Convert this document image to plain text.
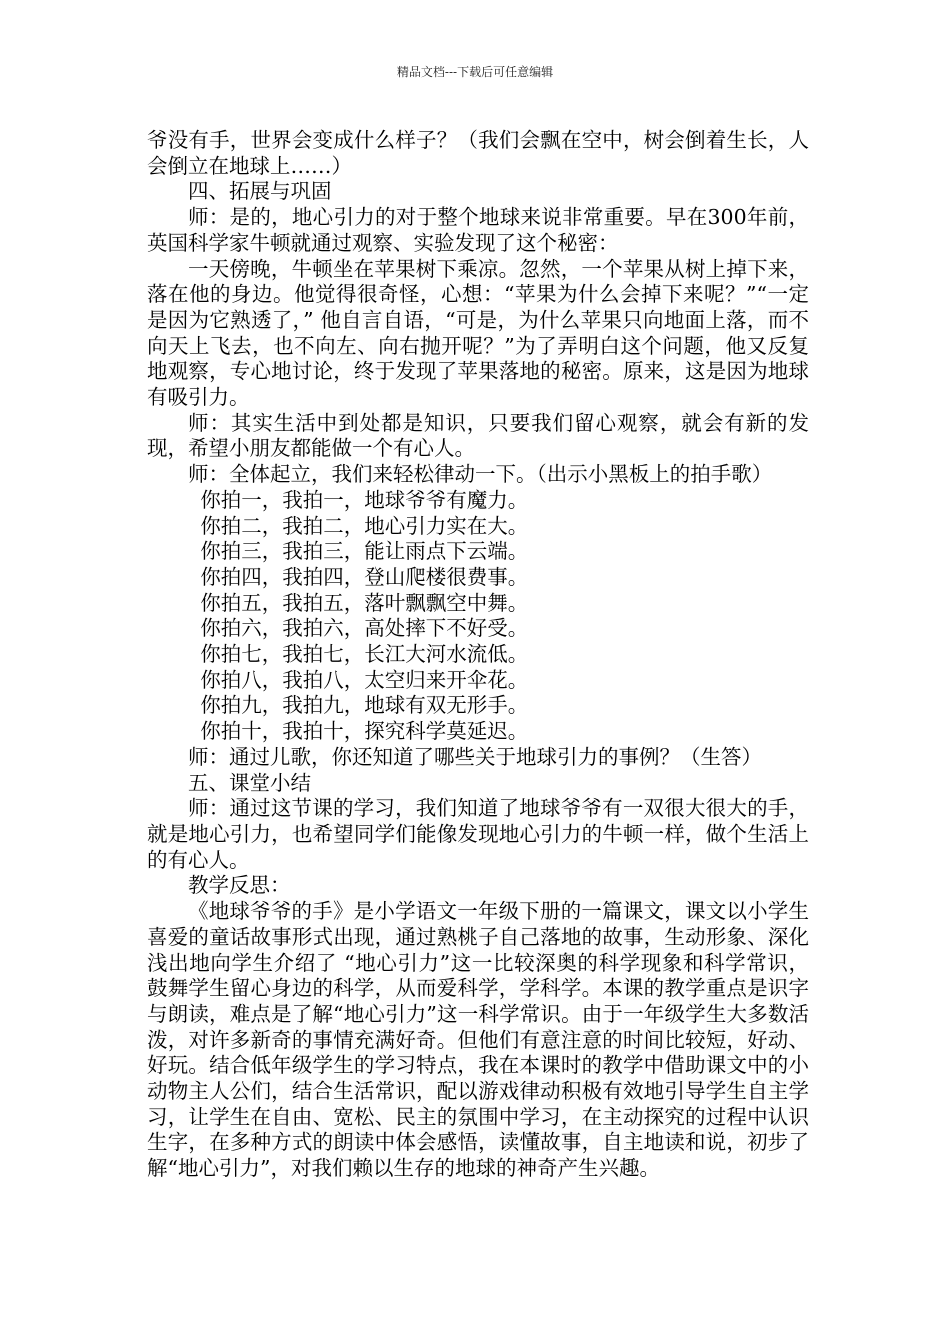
精品文档---下载后可任意编辑

爷没有手，世界会变成什么样子？（我们会飘在空中，树会倒着生长，人会倒立在地球上……）

四、拓展与巩固

师：是的，地心引力的对于整个地球来说非常重要。早在300年前，英国科学家牛顿就通过观察、实验发现了这个秘密：

一天傍晚，牛顿坐在苹果树下乘凉。忽然，一个苹果从树上掉下来，落在他的身边。他觉得很奇怪，心想：“苹果为什么会掉下来呢？”“一定是因为它熟透了，” 他自言自语，“可是，为什么苹果只向地面上落，而不向天上飞去，也不向左、向右抛开呢？”为了弄明白这个问题，他又反复地观察，专心地讨论，终于发现了苹果落地的秘密。原来，这是因为地球有吸引力。

师：其实生活中到处都是知识，只要我们留心观察，就会有新的发现，希望小朋友都能做一个有心人。

师：全体起立，我们来轻松律动一下。（出示小黑板上的拍手歌）

你拍一，我拍一，地球爷爷有魔力。

你拍二，我拍二，地心引力实在大。

你拍三，我拍三，能让雨点下云端。

你拍四，我拍四，登山爬楼很费事。

你拍五，我拍五，落叶飘飘空中舞。

你拍六，我拍六，高处摔下不好受。

你拍七，我拍七，长江大河水流低。

你拍八，我拍八，太空归来开伞花。

你拍九，我拍九，地球有双无形手。

你拍十，我拍十，探究科学莫延迟。

师：通过儿歌，你还知道了哪些关于地球引力的事例？（生答）

五、课堂小结

师：通过这节课的学习，我们知道了地球爷爷有一双很大很大的手，就是地心引力，也希望同学们能像发现地心引力的牛顿一样，做个生活上的有心人。

教学反思：

《地球爷爷的手》是小学语文一年级下册的一篇课文，课文以小学生喜爱的童话故事形式出现，通过熟桃子自己落地的故事，生动形象、深化浅出地向学生介绍了 “地心引力”这一比较深奥的科学现象和科学常识，鼓舞学生留心身边的科学，从而爱科学，学科学。本课的教学重点是识字与朗读，难点是了解“地心引力”这一科学常识。由于一年级学生大多数活泼，对许多新奇的事情充满好奇。但他们有意注意的时间比较短，好动、好玩。结合低年级学生的学习特点，我在本课时的教学中借助课文中的小动物主人公们，结合生活常识，配以游戏律动积极有效地引导学生自主学习，让学生在自由、宽松、民主的氛围中学习，在主动探究的过程中认识生字，在多种方式的朗读中体会感悟，读懂故事，自主地读和说，初步了解“地心引力”，对我们赖以生存的地球的神奇产生兴趣。
